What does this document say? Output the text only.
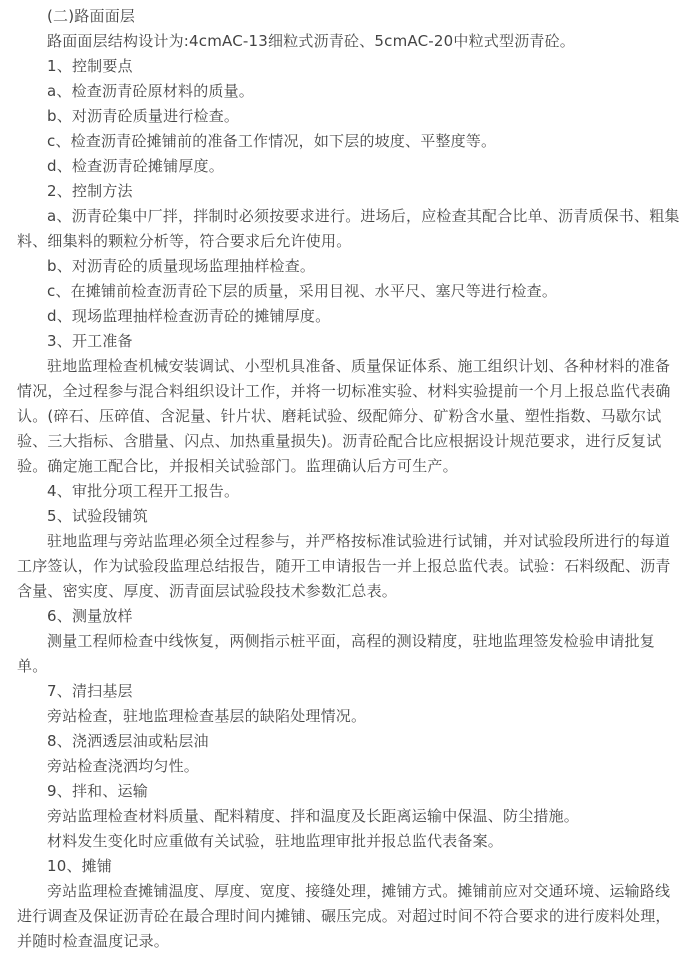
(二)路面面层

路面面层结构设计为:4cmAC-13细粒式沥青砼、5cmAC-20中粒式型沥青砼。

1、控制要点

a、检查沥青砼原材料的质量。

b、对沥青砼质量进行检查。

c、检查沥青砼摊铺前的准备工作情况，如下层的坡度、平整度等。

d、检查沥青砼摊铺厚度。

2、控制方法

a、沥青砼集中厂拌，拌制时必须按要求进行。进场后，应检查其配合比单、沥青质保书、粗集料、细集料的颗粒分析等，符合要求后允许使用。

b、对沥青砼的质量现场监理抽样检查。

c、在摊铺前检查沥青砼下层的质量，采用目视、水平尺、塞尺等进行检查。

d、现场监理抽样检查沥青砼的摊铺厚度。

3、开工准备

驻地监理检查机械安装调试、小型机具准备、质量保证体系、施工组织计划、各种材料的准备情况，全过程参与混合料组织设计工作，并将一切标准实验、材料实验提前一个月上报总监代表确认。(碎石、压碎值、含泥量、针片状、磨耗试验、级配筛分、矿粉含水量、塑性指数、马歇尔试验、三大指标、含腊量、闪点、加热重量损失)。沥青砼配合比应根据设计规范要求，进行反复试验。确定施工配合比，并报相关试验部门。监理确认后方可生产。

4、审批分项工程开工报告。

5、试验段铺筑

驻地监理与旁站监理必须全过程参与，并严格按标准试验进行试铺，并对试验段所进行的每道工序签认，作为试验段监理总结报告，随开工申请报告一并上报总监代表。试验：石料级配、沥青含量、密实度、厚度、沥青面层试验段技术参数汇总表。

6、测量放样

测量工程师检查中线恢复，两侧指示桩平面，高程的测设精度，驻地监理签发检验申请批复单。

7、清扫基层

旁站检查，驻地监理检查基层的缺陷处理情况。

8、浇洒透层油或粘层油

旁站检查浇洒均匀性。

9、拌和、运输

旁站监理检查材料质量、配料精度、拌和温度及长距离运输中保温、防尘措施。

材料发生变化时应重做有关试验，驻地监理审批并报总监代表备案。

10、摊铺

旁站监理检查摊铺温度、厚度、宽度、接缝处理，摊铺方式。摊铺前应对交通环境、运输路线进行调查及保证沥青砼在最合理时间内摊铺、碾压完成。对超过时间不符合要求的进行废料处理，并随时检查温度记录。
